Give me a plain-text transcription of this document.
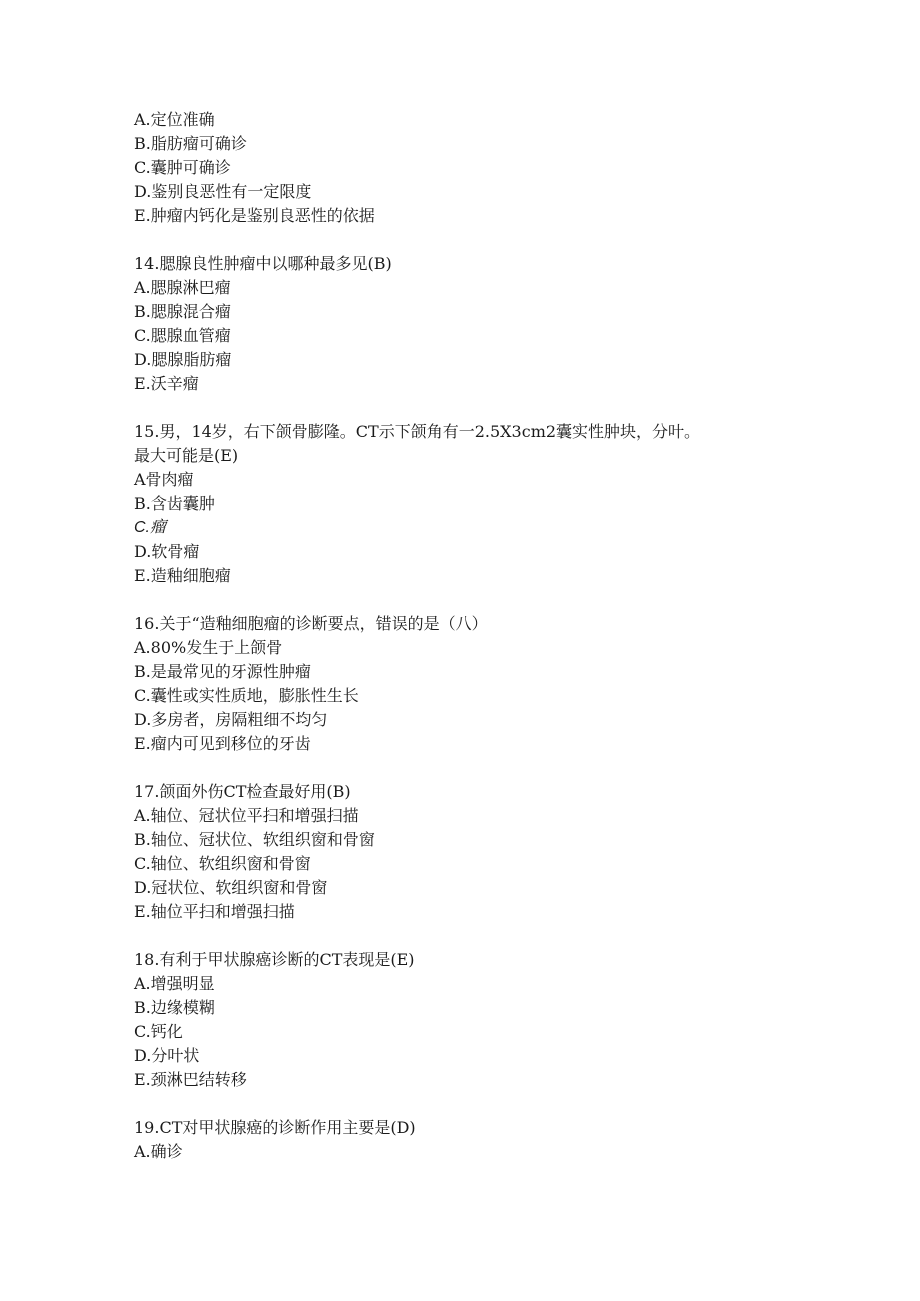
A.定位准确
B.脂肪瘤可确诊
C.囊肿可确诊
D.鉴别良恶性有一定限度
E.肿瘤内钙化是鉴别良恶性的依据
14.腮腺良性肿瘤中以哪种最多见(B)
A.腮腺淋巴瘤
B.腮腺混合瘤
C.腮腺血管瘤
D.腮腺脂肪瘤
E.沃辛瘤
15.男，14岁，右下颌骨膨隆。CT示下颌角有一2.5X3cm2囊实性肿块，分叶。
最大可能是(E)
A骨肉瘤
B.含齿囊肿
C.瘤
D.软骨瘤
E.造釉细胞瘤
16.关于“造釉细胞瘤的诊断要点，错误的是（八）
A.80%发生于上颌骨
B.是最常见的牙源性肿瘤
C.囊性或实性质地，膨胀性生长
D.多房者，房隔粗细不均匀
E.瘤内可见到移位的牙齿
17.颌面外伤CT检查最好用(B)
A.轴位、冠状位平扫和增强扫描
B.轴位、冠状位、软组织窗和骨窗
C.轴位、软组织窗和骨窗
D.冠状位、软组织窗和骨窗
E.轴位平扫和增强扫描
18.有利于甲状腺癌诊断的CT表现是(E)
A.增强明显
B.边缘模糊
C.钙化
D.分叶状
E.颈淋巴结转移
19.CT对甲状腺癌的诊断作用主要是(D)
A.确诊
